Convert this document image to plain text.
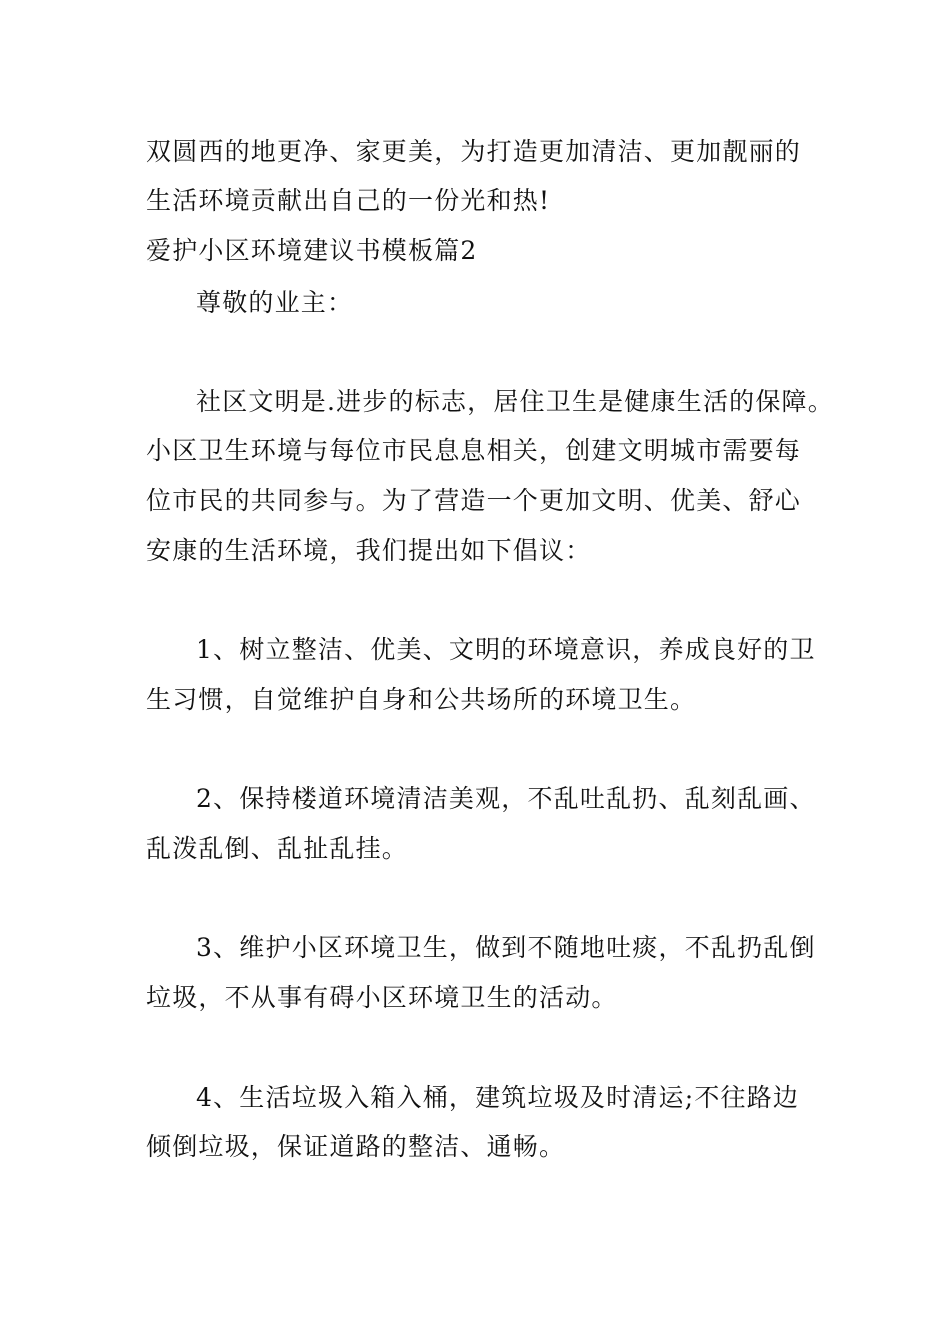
双圆西的地更净、家更美，为打造更加清洁、更加靓丽的
生活环境贡献出自己的一份光和热!
爱护小区环境建议书模板篇2
尊敬的业主：
社区文明是.进步的标志，居住卫生是健康生活的保障。
小区卫生环境与每位市民息息相关，创建文明城市需要每
位市民的共同参与。为了营造一个更加文明、优美、舒心
安康的生活环境，我们提出如下倡议：
1、树立整洁、优美、文明的环境意识，养成良好的卫
生习惯，自觉维护自身和公共场所的环境卫生。
2、保持楼道环境清洁美观，不乱吐乱扔、乱刻乱画、
乱泼乱倒、乱扯乱挂。
3、维护小区环境卫生，做到不随地吐痰，不乱扔乱倒
垃圾，不从事有碍小区环境卫生的活动。
4、生活垃圾入箱入桶，建筑垃圾及时清运;不往路边
倾倒垃圾，保证道路的整洁、通畅。
